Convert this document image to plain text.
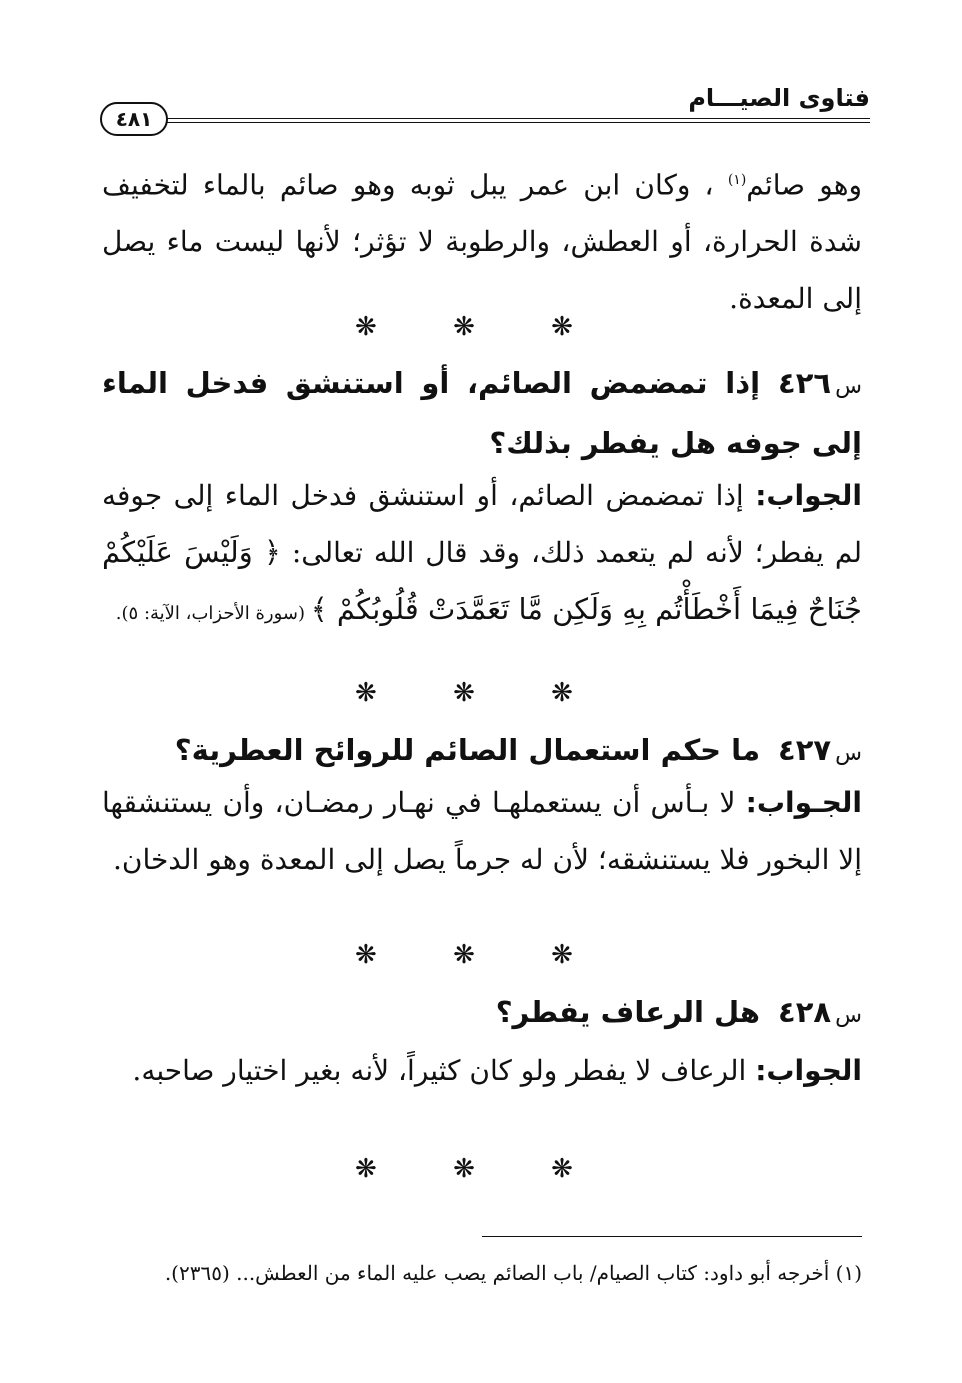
فتاوى الصيـــام
٤٨١
وهو صائم$^{(١)}$ ، وكان ابن عمر يبل ثوبه وهو صائم بالماء لتخفيف شدة الحرارة، أو العطش، والرطوبة لا تؤثر؛ لأنها ليست ماء يصل إلى المعدة.
❋ ❋ ❋
س٤٢٦إذا تمضمض الصائم، أو استنشق فدخل الماء إلى جوفه هل يفطر بذلك؟
الجواب: إذا تمضمض الصائم، أو استنشق فدخل الماء إلى جوفه لم يفطر؛ لأنه لم يتعمد ذلك، وقد قال الله تعالى: ﴿ وَلَيْسَ عَلَيْكُمْ جُنَاحٌ فِيمَا أَخْطَأْتُم بِهِ وَلَكِن مَّا تَعَمَّدَتْ قُلُوبُكُمْ ﴾ (سورة الأحزاب، الآية: ٥).
❋ ❋ ❋
س٤٢٧ما حكم استعمال الصائم للروائح العطرية؟
الجـواب: لا بـأس أن يستعملهـا في نهـار رمضـان، وأن يستنشقها إلا البخور فلا يستنشقه؛ لأن له جرماً يصل إلى المعدة وهو الدخان.
❋ ❋ ❋
س٤٢٨هل الرعاف يفطر؟
الجواب: الرعاف لا يفطر ولو كان كثيراً، لأنه بغير اختيار صاحبه.
❋ ❋ ❋
(١) أخرجه أبو داود: كتاب الصيام/ باب الصائم يصب عليه الماء من العطش... (٢٣٦٥).
